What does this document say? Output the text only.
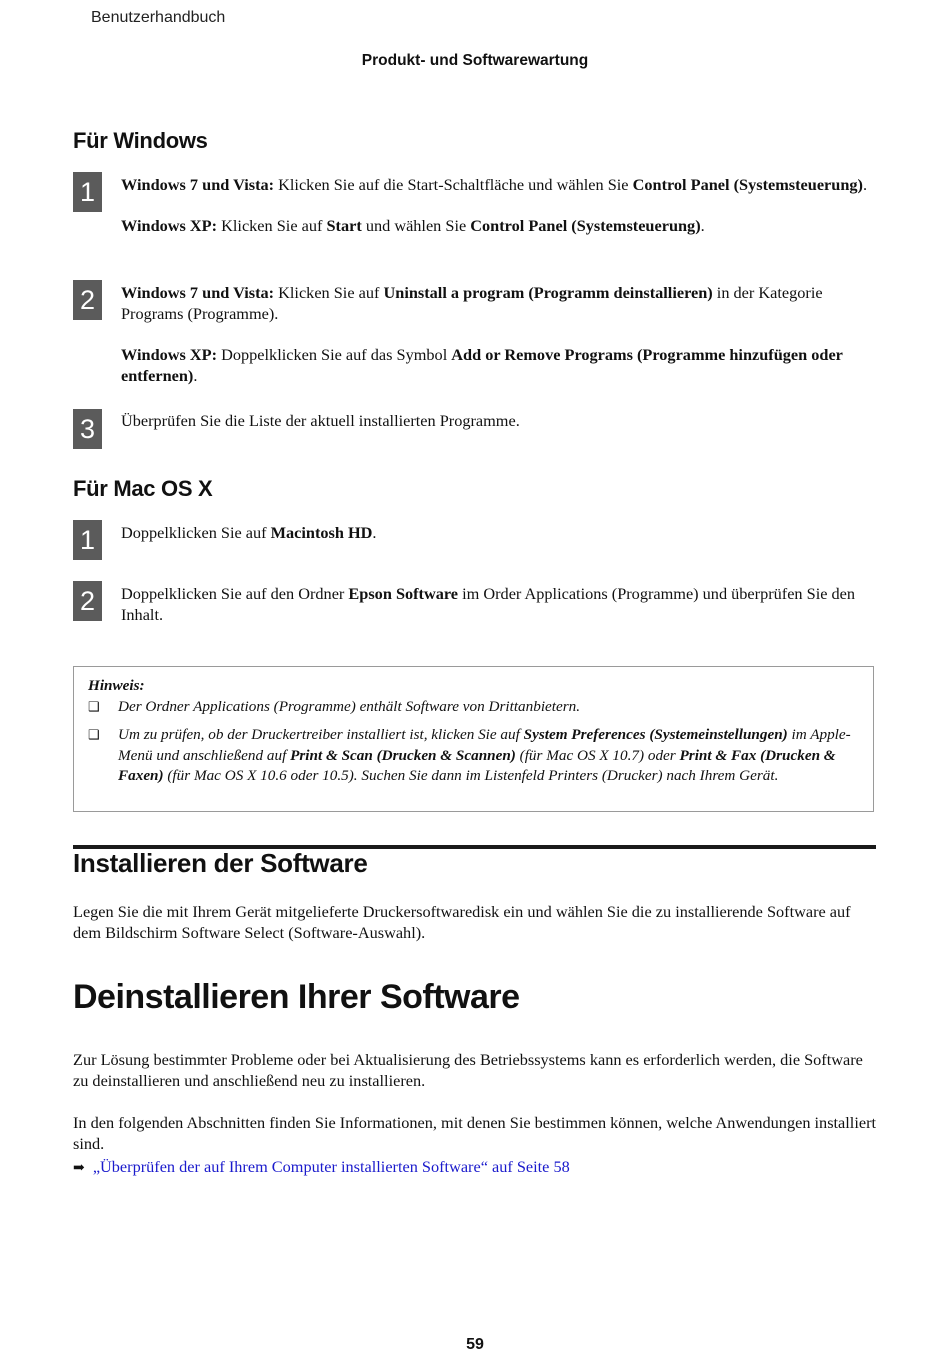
Benutzerhandbuch
Produkt- und Softwarewartung
Für Windows
1	Windows 7 und Vista: Klicken Sie auf die Start-Schaltfläche und wählen Sie Control Panel (Systemsteuerung).

Windows XP: Klicken Sie auf Start und wählen Sie Control Panel (Systemsteuerung).

2	Windows 7 und Vista: Klicken Sie auf Uninstall a program (Programm deinstallieren) in der Kategorie Programs (Programme).

Windows XP: Doppelklicken Sie auf das Symbol Add or Remove Programs (Programme hinzufügen oder entfernen).

3	Überprüfen Sie die Liste der aktuell installierten Programme.

Für Mac OS X
1	Doppelklicken Sie auf Macintosh HD.

2	Doppelklicken Sie auf den Ordner Epson Software im Order Applications (Programme) und überprüfen Sie den Inhalt.

Hinweis:

❑ Der Ordner Applications (Programme) enthält Software von Drittanbietern.

❑ Um zu prüfen, ob der Druckertreiber installiert ist, klicken Sie auf System Preferences (Systemeinstellungen) im Apple-Menü und anschließend auf Print & Scan (Drucken & Scannen) (für Mac OS X 10.7) oder Print & Fax (Drucken & Faxen) (für Mac OS X 10.6 oder 10.5). Suchen Sie dann im Listenfeld Printers (Drucker) nach Ihrem Gerät.

Installieren der Software

Legen Sie die mit Ihrem Gerät mitgelieferte Druckersoftwaredisk ein und wählen Sie die zu installierende Software auf dem Bildschirm Software Select (Software-Auswahl).

Deinstallieren Ihrer Software

Zur Lösung bestimmter Probleme oder bei Aktualisierung des Betriebssystems kann es erforderlich werden, die Software zu deinstallieren und anschließend neu zu installieren.

In den folgenden Abschnitten finden Sie Informationen, mit denen Sie bestimmen können, welche Anwendungen installiert sind.

➡ „Überprüfen der auf Ihrem Computer installierten Software“ auf Seite 58
59
